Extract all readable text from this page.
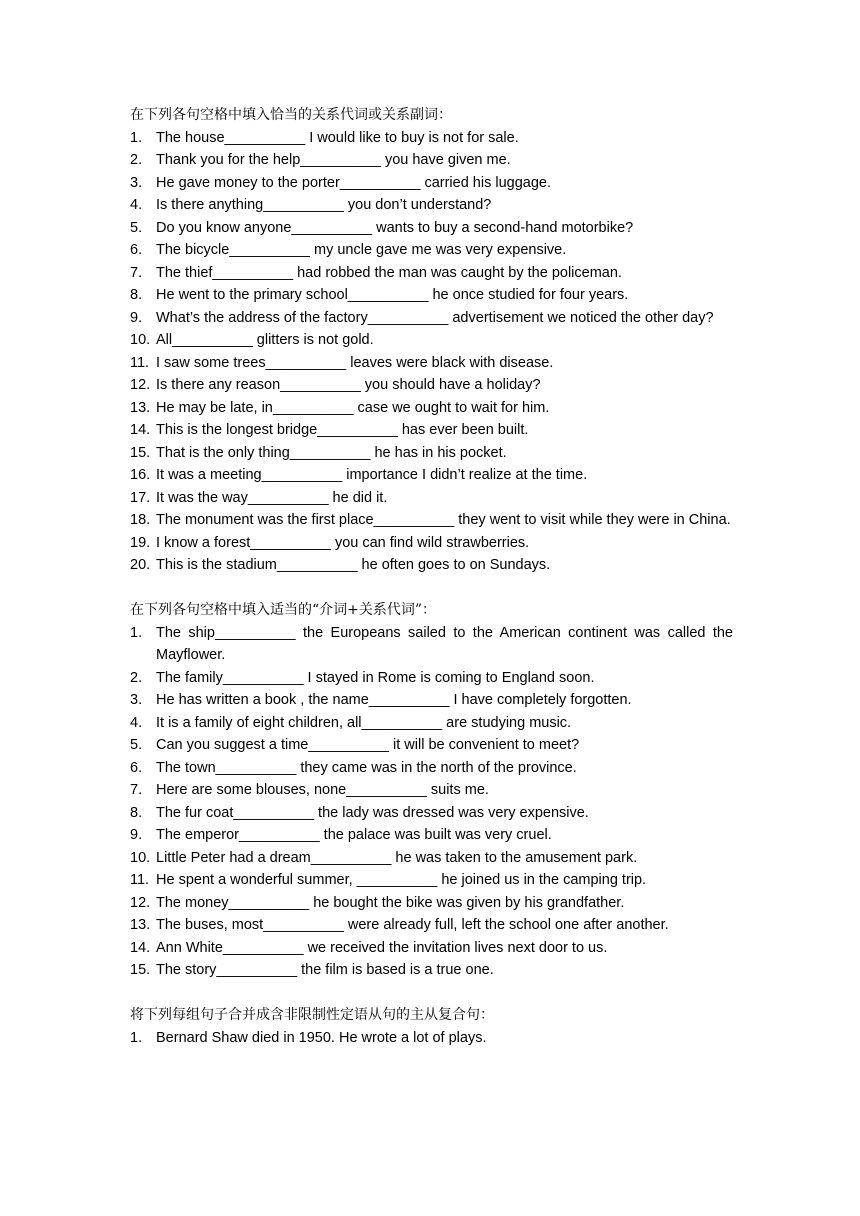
在下列各句空格中填入恰当的关系代词或关系副词：
1. The house__________ I would like to buy is not for sale.
2. Thank you for the help__________ you have given me.
3. He gave money to the porter__________ carried his luggage.
4. Is there anything__________ you don’t understand?
5. Do you know anyone__________ wants to buy a second-hand motorbike?
6. The bicycle__________ my uncle gave me was very expensive.
7. The thief__________ had robbed the man was caught by the policeman.
8. He went to the primary school__________ he once studied for four years.
9. What’s the address of the factory__________ advertisement we noticed the other day?
10. All__________ glitters is not gold.
11. I saw some trees__________ leaves were black with disease.
12. Is there any reason__________ you should have a holiday?
13. He may be late, in__________ case we ought to wait for him.
14. This is the longest bridge__________ has ever been built.
15. That is the only thing__________ he has in his pocket.
16. It was a meeting__________ importance I didn’t realize at the time.
17. It was the way__________ he did it.
18. The monument was the first place__________ they went to visit while they were in China.
19. I know a forest__________ you can find wild strawberries.
20. This is the stadium__________ he often goes to on Sundays.
在下列各句空格中填入适当的“介词+关系代词”：
1. The ship__________ the Europeans sailed to the American continent was called the Mayflower.
2. The family__________ I stayed in Rome is coming to England soon.
3. He has written a book , the name__________ I have completely forgotten.
4. It is a family of eight children, all__________ are studying music.
5. Can you suggest a time__________ it will be convenient to meet?
6. The town__________ they came was in the north of the province.
7. Here are some blouses, none__________ suits me.
8. The fur coat__________ the lady was dressed was very expensive.
9. The emperor__________ the palace was built was very cruel.
10. Little Peter had a dream__________ he was taken to the amusement park.
11. He spent a wonderful summer, __________ he joined us in the camping trip.
12. The money__________ he bought the bike was given by his grandfather.
13. The buses, most__________ were already full, left the school one after another.
14. Ann White__________ we received the invitation lives next door to us.
15. The story__________ the film is based is a true one.
将下列每组句子合并成含非限制性定语从句的主从复合句：
1. Bernard Shaw died in 1950. He wrote a lot of plays.
